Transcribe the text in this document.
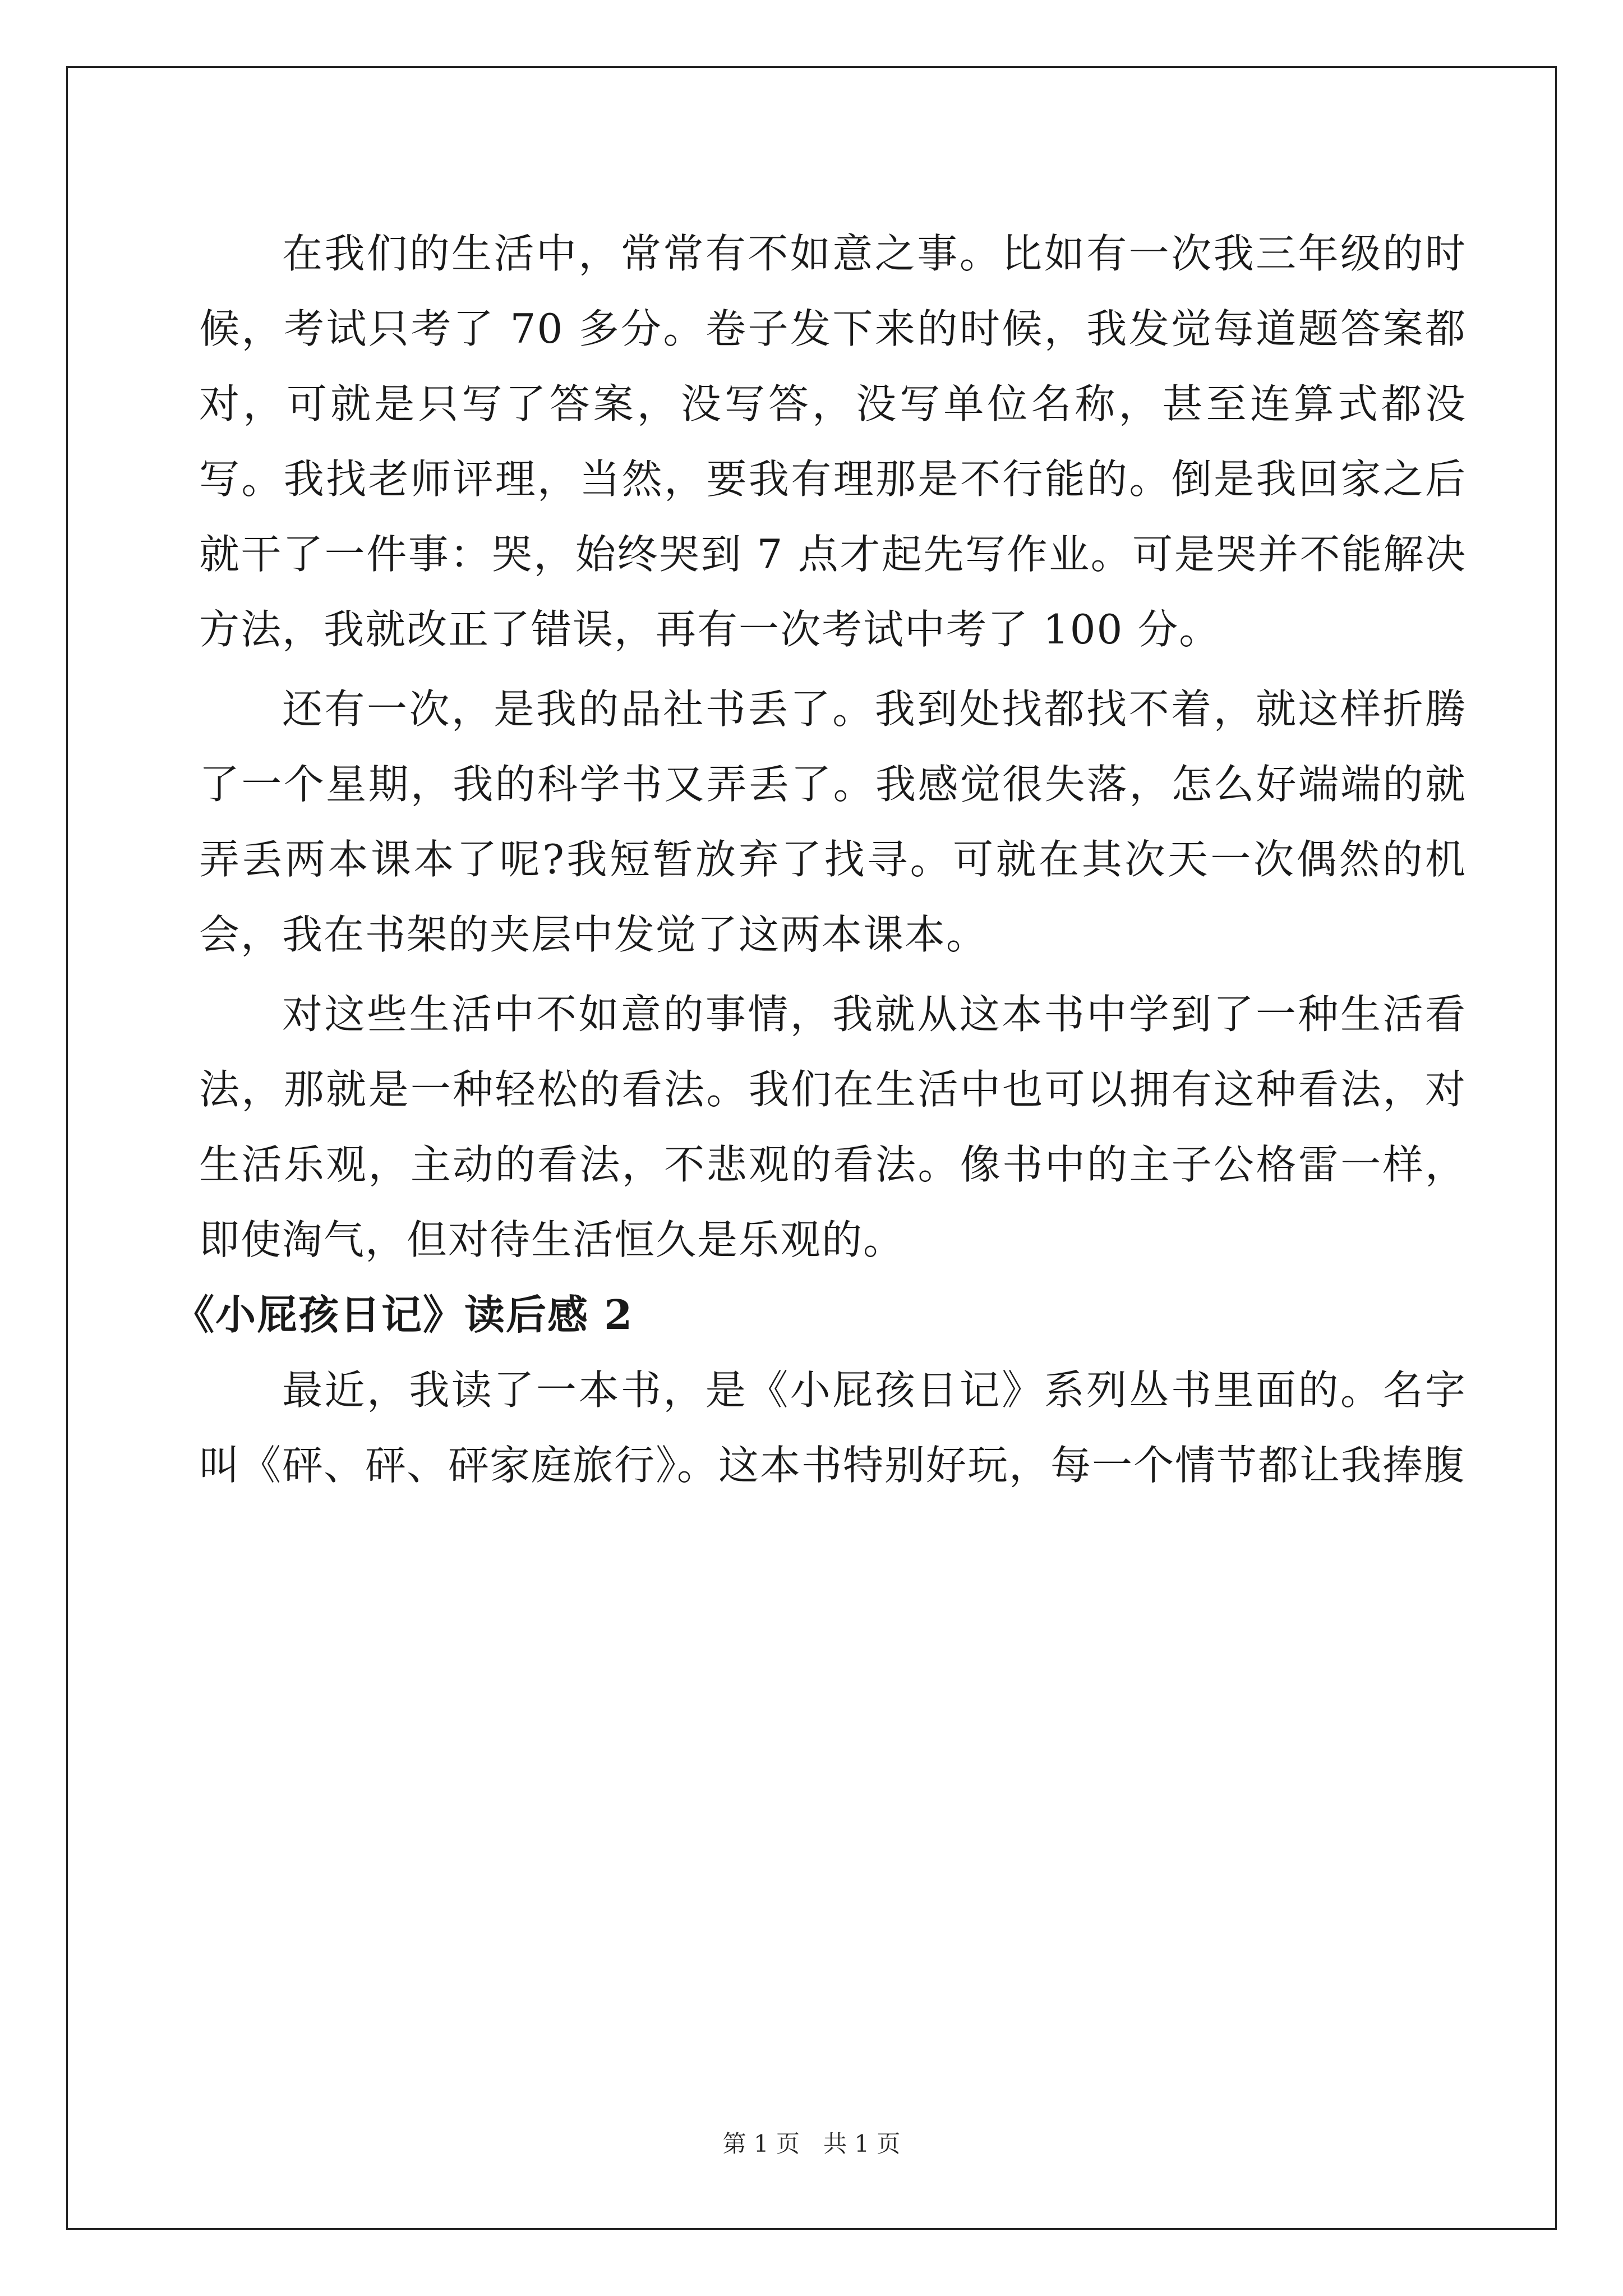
在我们的生活中，常常有不如意之事。比如有一次我三年级的时候，考试只考了 70 多分。卷子发下来的时候，我发觉每道题答案都对，可就是只写了答案，没写答，没写单位名称，甚至连算式都没写。我找老师评理，当然，要我有理那是不行能的。倒是我回家之后就干了一件事：哭，始终哭到 7 点才起先写作业。可是哭并不能解决方法，我就改正了错误，再有一次考试中考了 100 分。

还有一次，是我的品社书丢了。我到处找都找不着，就这样折腾了一个星期，我的科学书又弄丢了。我感觉很失落，怎么好端端的就弄丢两本课本了呢?我短暂放弃了找寻。可就在其次天一次偶然的机会，我在书架的夹层中发觉了这两本课本。

对这些生活中不如意的事情，我就从这本书中学到了一种生活看法，那就是一种轻松的看法。我们在生活中也可以拥有这种看法，对生活乐观，主动的看法，不悲观的看法。像书中的主子公格雷一样，即使淘气，但对待生活恒久是乐观的。

《小屁孩日记》读后感 2

最近，我读了一本书，是《小屁孩日记》系列丛书里面的。名字叫《砰、砰、砰家庭旅行》。这本书特别好玩，每一个情节都让我捧腹

第 1 页　共 1 页
